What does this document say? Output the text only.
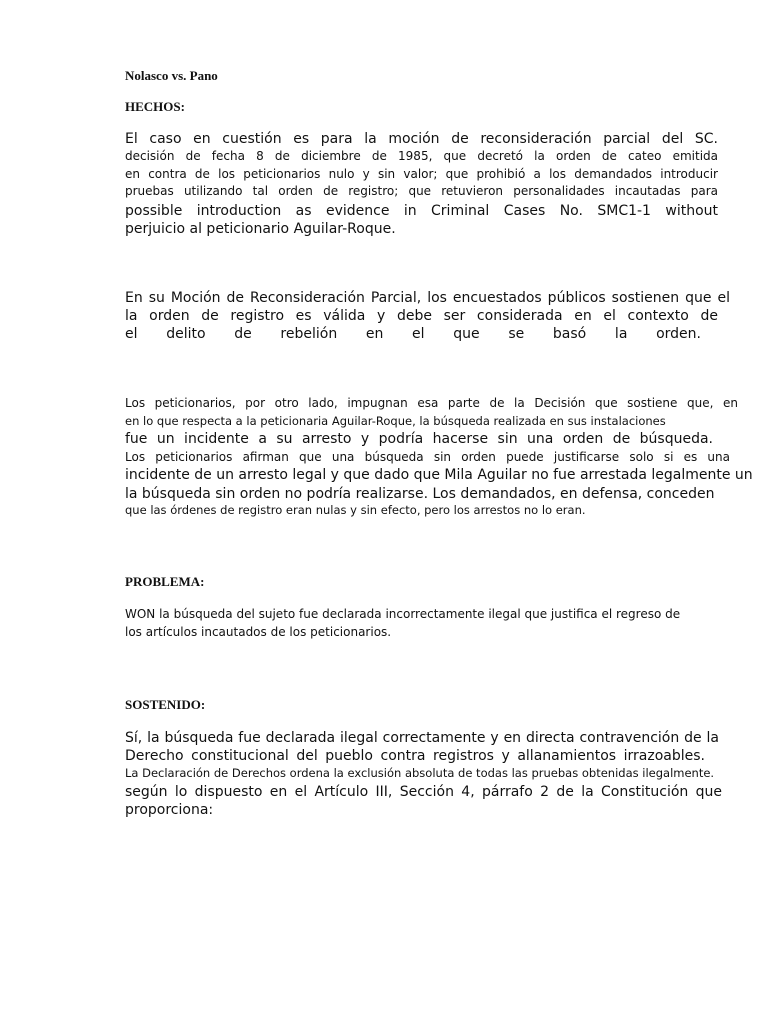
Nolasco vs. Pano
HECHOS:
El caso en cuestión es para la moción de reconsideración parcial del SC.
decisión de fecha 8 de diciembre de 1985, que decretó la orden de cateo emitida
en contra de los peticionarios nulo y sin valor; que prohibió a los demandados introducir
pruebas utilizando tal orden de registro; que retuvieron personalidades incautadas para
possible introduction as evidence in Criminal Cases No. SMC1-1 without
perjuicio al peticionario Aguilar-Roque.
En su Moción de Reconsideración Parcial, los encuestados públicos sostienen que el
la orden de registro es válida y debe ser considerada en el contexto de
el delito de rebelión en el que se basó la orden.
Los peticionarios, por otro lado, impugnan esa parte de la Decisión que sostiene que, en
en lo que respecta a la peticionaria Aguilar-Roque, la búsqueda realizada en sus instalaciones
fue un incidente a su arresto y podría hacerse sin una orden de búsqueda.
Los peticionarios afirman que una búsqueda sin orden puede justificarse solo si es una
incidente de un arresto legal y que dado que Mila Aguilar no fue arrestada legalmente un
la búsqueda sin orden no podría realizarse. Los demandados, en defensa, conceden
que las órdenes de registro eran nulas y sin efecto, pero los arrestos no lo eran.
PROBLEMA:
WON la búsqueda del sujeto fue declarada incorrectamente ilegal que justifica el regreso de
los artículos incautados de los peticionarios.
SOSTENIDO:
Sí, la búsqueda fue declarada ilegal correctamente y en directa contravención de la
Derecho constitucional del pueblo contra registros y allanamientos irrazoables.
La Declaración de Derechos ordena la exclusión absoluta de todas las pruebas obtenidas ilegalmente.
según lo dispuesto en el Artículo III, Sección 4, párrafo 2 de la Constitución que
proporciona:
